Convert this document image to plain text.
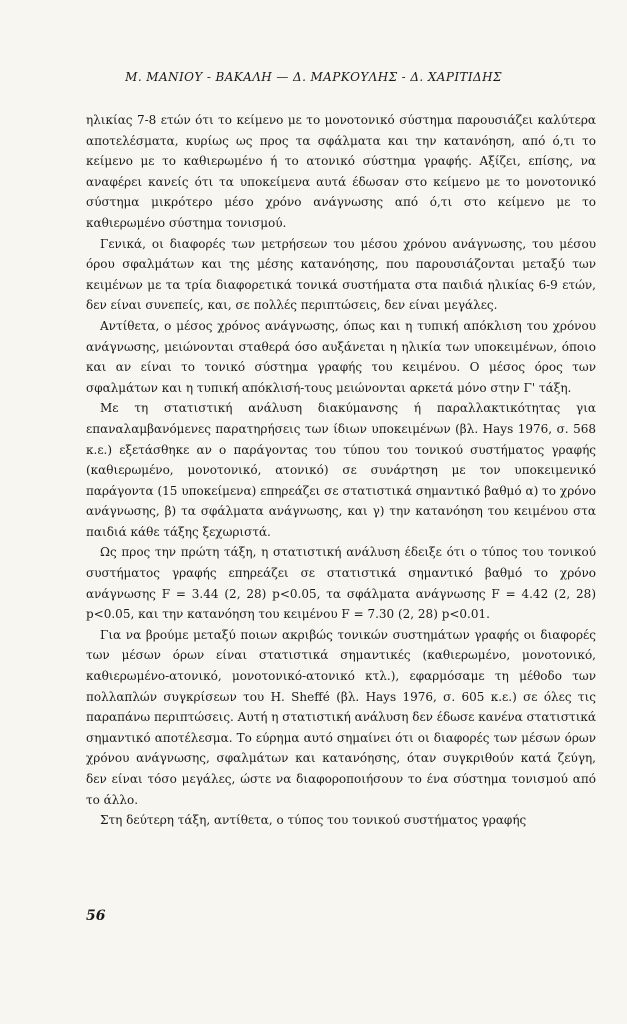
Μ. ΜΑΝΙΟΥ - ΒΑΚΑΛΗ — Δ. ΜΑΡΚΟΥΛΗΣ - Δ. ΧΑΡΙΤΙΔΗΣ

ηλικίας 7-8 ετών ότι το κείμενο με το μονοτονικό σύστημα παρουσιάζει καλύτερα αποτελέσματα, κυρίως ως προς τα σφάλματα και την κατανόηση, από ό,τι το κείμενο με το καθιερωμένο ή το ατονικό σύστημα γραφής. Αξίζει, επίσης, να αναφέρει κανείς ότι τα υποκείμενα αυτά έδωσαν στο κείμενο με το μονοτονικό σύστημα μικρότερο μέσο χρόνο ανάγνωσης από ό,τι στο κείμενο με το καθιερωμένο σύστημα τονισμού.

Γενικά, οι διαφορές των μετρήσεων του μέσου χρόνου ανάγνωσης, του μέσου όρου σφαλμάτων και της μέσης κατανόησης, που παρουσιάζονται μεταξύ των κειμένων με τα τρία διαφορετικά τονικά συστήματα στα παιδιά ηλικίας 6-9 ετών, δεν είναι συνεπείς, και, σε πολλές περιπτώσεις, δεν είναι μεγάλες.

Αντίθετα, ο μέσος χρόνος ανάγνωσης, όπως και η τυπική απόκλιση του χρόνου ανάγνωσης, μειώνονται σταθερά όσο αυξάνεται η ηλικία των υποκειμένων, όποιο και αν είναι το τονικό σύστημα γραφής του κειμένου. Ο μέσος όρος των σφαλμάτων και η τυπική απόκλισή-τους μειώνονται αρκετά μόνο στην Γ' τάξη.

Με τη στατιστική ανάλυση διακύμανσης ή παραλλακτικότητας για επαναλαμβανόμενες παρατηρήσεις των ίδιων υποκειμένων (βλ. Hays 1976, σ. 568 κ.ε.) εξετάσθηκε αν ο παράγοντας του τύπου του τονικού συστήματος γραφής (καθιερωμένο, μονοτονικό, ατονικό) σε συνάρτηση με τον υποκειμενικό παράγοντα (15 υποκείμενα) επηρεάζει σε στατιστικά σημαντικό βαθμό α) το χρόνο ανάγνωσης, β) τα σφάλματα ανάγνωσης, και γ) την κατανόηση του κειμένου στα παιδιά κάθε τάξης ξεχωριστά.

Ως προς την πρώτη τάξη, η στατιστική ανάλυση έδειξε ότι ο τύπος του τονικού συστήματος γραφής επηρεάζει σε στατιστικά σημαντικό βαθμό το χρόνο ανάγνωσης F = 3.44 (2, 28) p<0.05, τα σφάλματα ανάγνωσης F = 4.42 (2, 28) p<0.05, και την κατανόηση του κειμένου F = 7.30 (2, 28) p<0.01.

Για να βρούμε μεταξύ ποιων ακριβώς τονικών συστημάτων γραφής οι διαφορές των μέσων όρων είναι στατιστικά σημαντικές (καθιερωμένο, μονοτονικό, καθιερωμένο-ατονικό, μονοτονικό-ατονικό κτλ.), εφαρμόσαμε τη μέθοδο των πολλαπλών συγκρίσεων του H. Sheffé (βλ. Hays 1976, σ. 605 κ.ε.) σε όλες τις παραπάνω περιπτώσεις. Αυτή η στατιστική ανάλυση δεν έδωσε κανένα στατιστικά σημαντικό αποτέλεσμα. Το εύρημα αυτό σημαίνει ότι οι διαφορές των μέσων όρων χρόνου ανάγνωσης, σφαλμάτων και κατανόησης, όταν συγκριθούν κατά ζεύγη, δεν είναι τόσο μεγάλες, ώστε να διαφοροποιήσουν το ένα σύστημα τονισμού από το άλλο.

Στη δεύτερη τάξη, αντίθετα, ο τύπος του τονικού συστήματος γραφής

56
